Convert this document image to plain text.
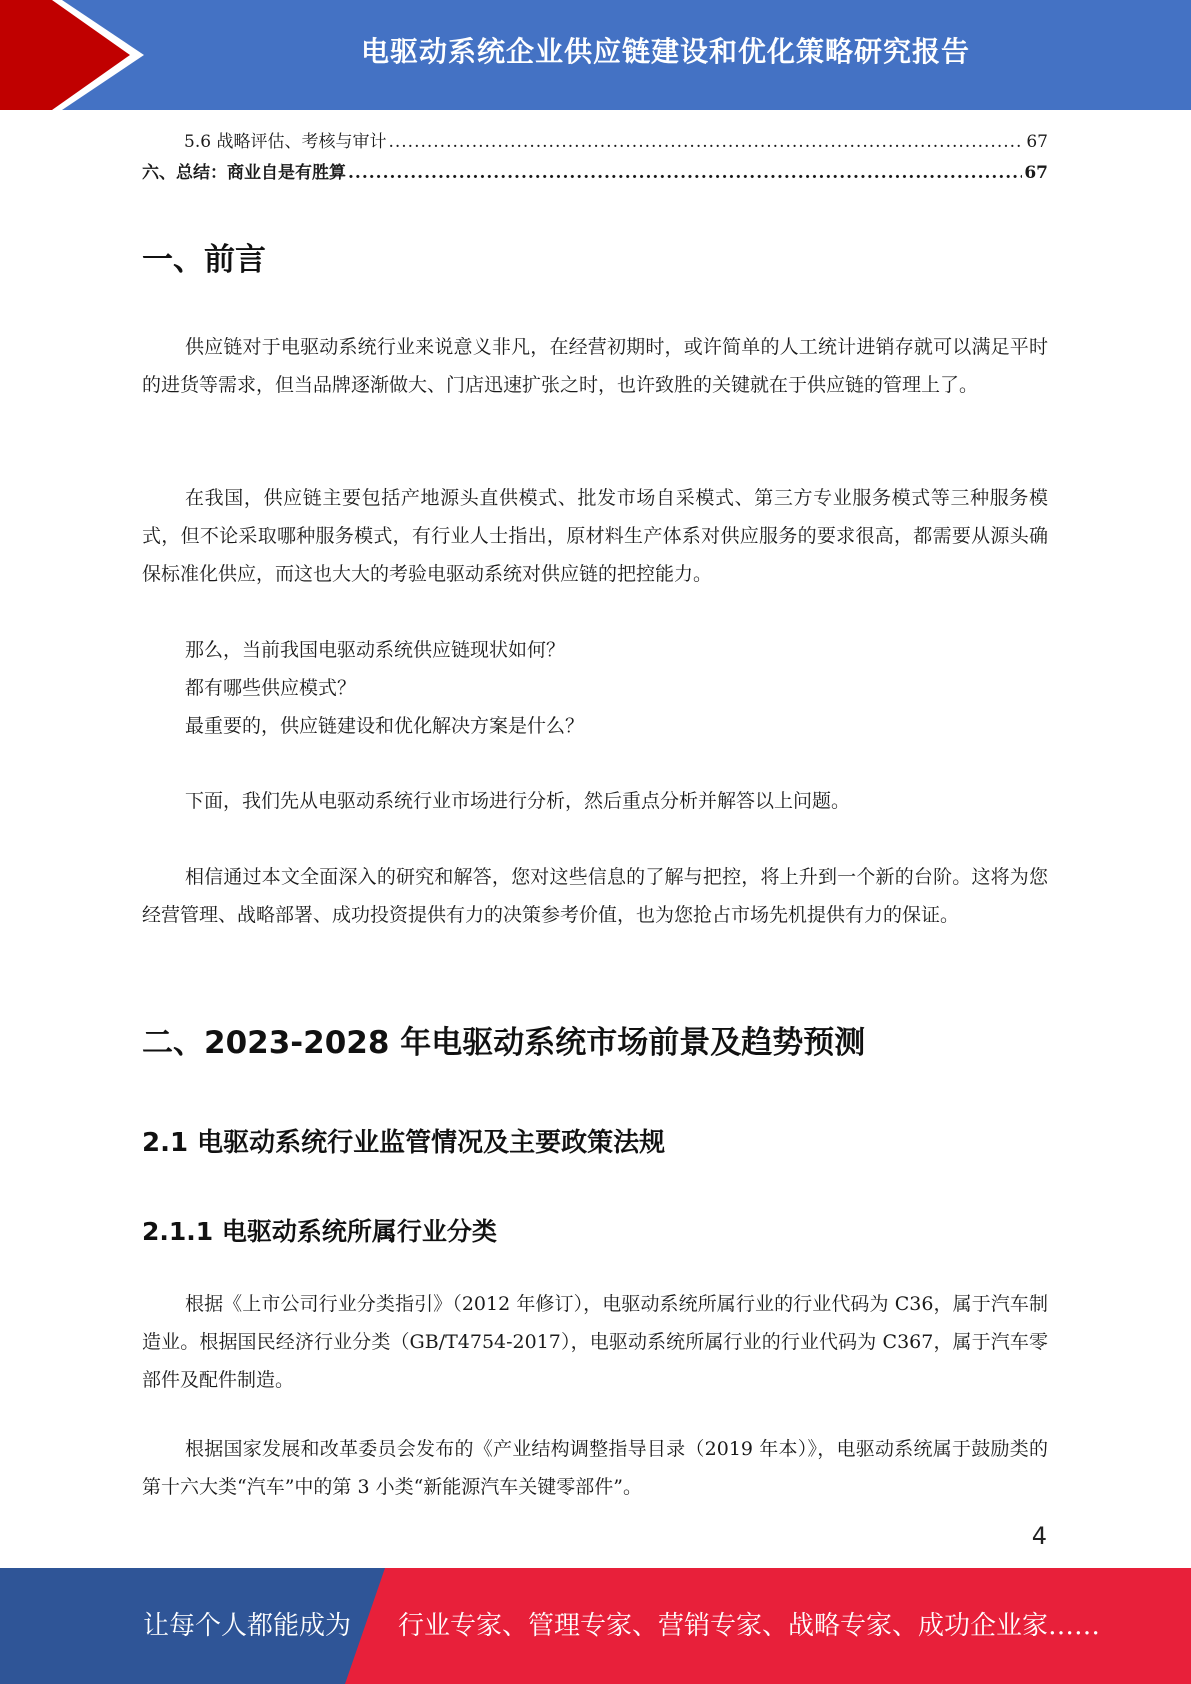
电驱动系统企业供应链建设和优化策略研究报告
5.6 战略评估、考核与审计 .....	67
六、总结：商业自是有胜算 .....	67
一、前言

供应链对于电驱动系统行业来说意义非凡，在经营初期时，或许简单的人工统计进销存就可以满足平时的进货等需求，但当品牌逐渐做大、门店迅速扩张之时，也许致胜的关键就在于供应链的管理上了。

在我国，供应链主要包括产地源头直供模式、批发市场自采模式、第三方专业服务模式等三种服务模式，但不论采取哪种服务模式，有行业人士指出，原材料生产体系对供应服务的要求很高，都需要从源头确保标准化供应，而这也大大的考验电驱动系统对供应链的把控能力。

那么，当前我国电驱动系统供应链现状如何？

都有哪些供应模式？

最重要的，供应链建设和优化解决方案是什么？

下面，我们先从电驱动系统行业市场进行分析，然后重点分析并解答以上问题。

相信通过本文全面深入的研究和解答，您对这些信息的了解与把控，将上升到一个新的台阶。这将为您经营管理、战略部署、成功投资提供有力的决策参考价值，也为您抢占市场先机提供有力的保证。

二、2023-2028 年电驱动系统市场前景及趋势预测
2.1 电驱动系统行业监管情况及主要政策法规
2.1.1 电驱动系统所属行业分类

根据《上市公司行业分类指引》（2012 年修订），电驱动系统所属行业的行业代码为 C36，属于汽车制造业。根据国民经济行业分类（GB/T4754-2017），电驱动系统所属行业的行业代码为 C367，属于汽车零部件及配件制造。

根据国家发展和改革委员会发布的《产业结构调整指导目录（2019 年本）》，电驱动系统属于鼓励类的第十六大类“汽车”中的第 3 小类“新能源汽车关键零部件”。

4
让每个人都能成为 行业专家、管理专家、营销专家、战略专家、成功企业家……
